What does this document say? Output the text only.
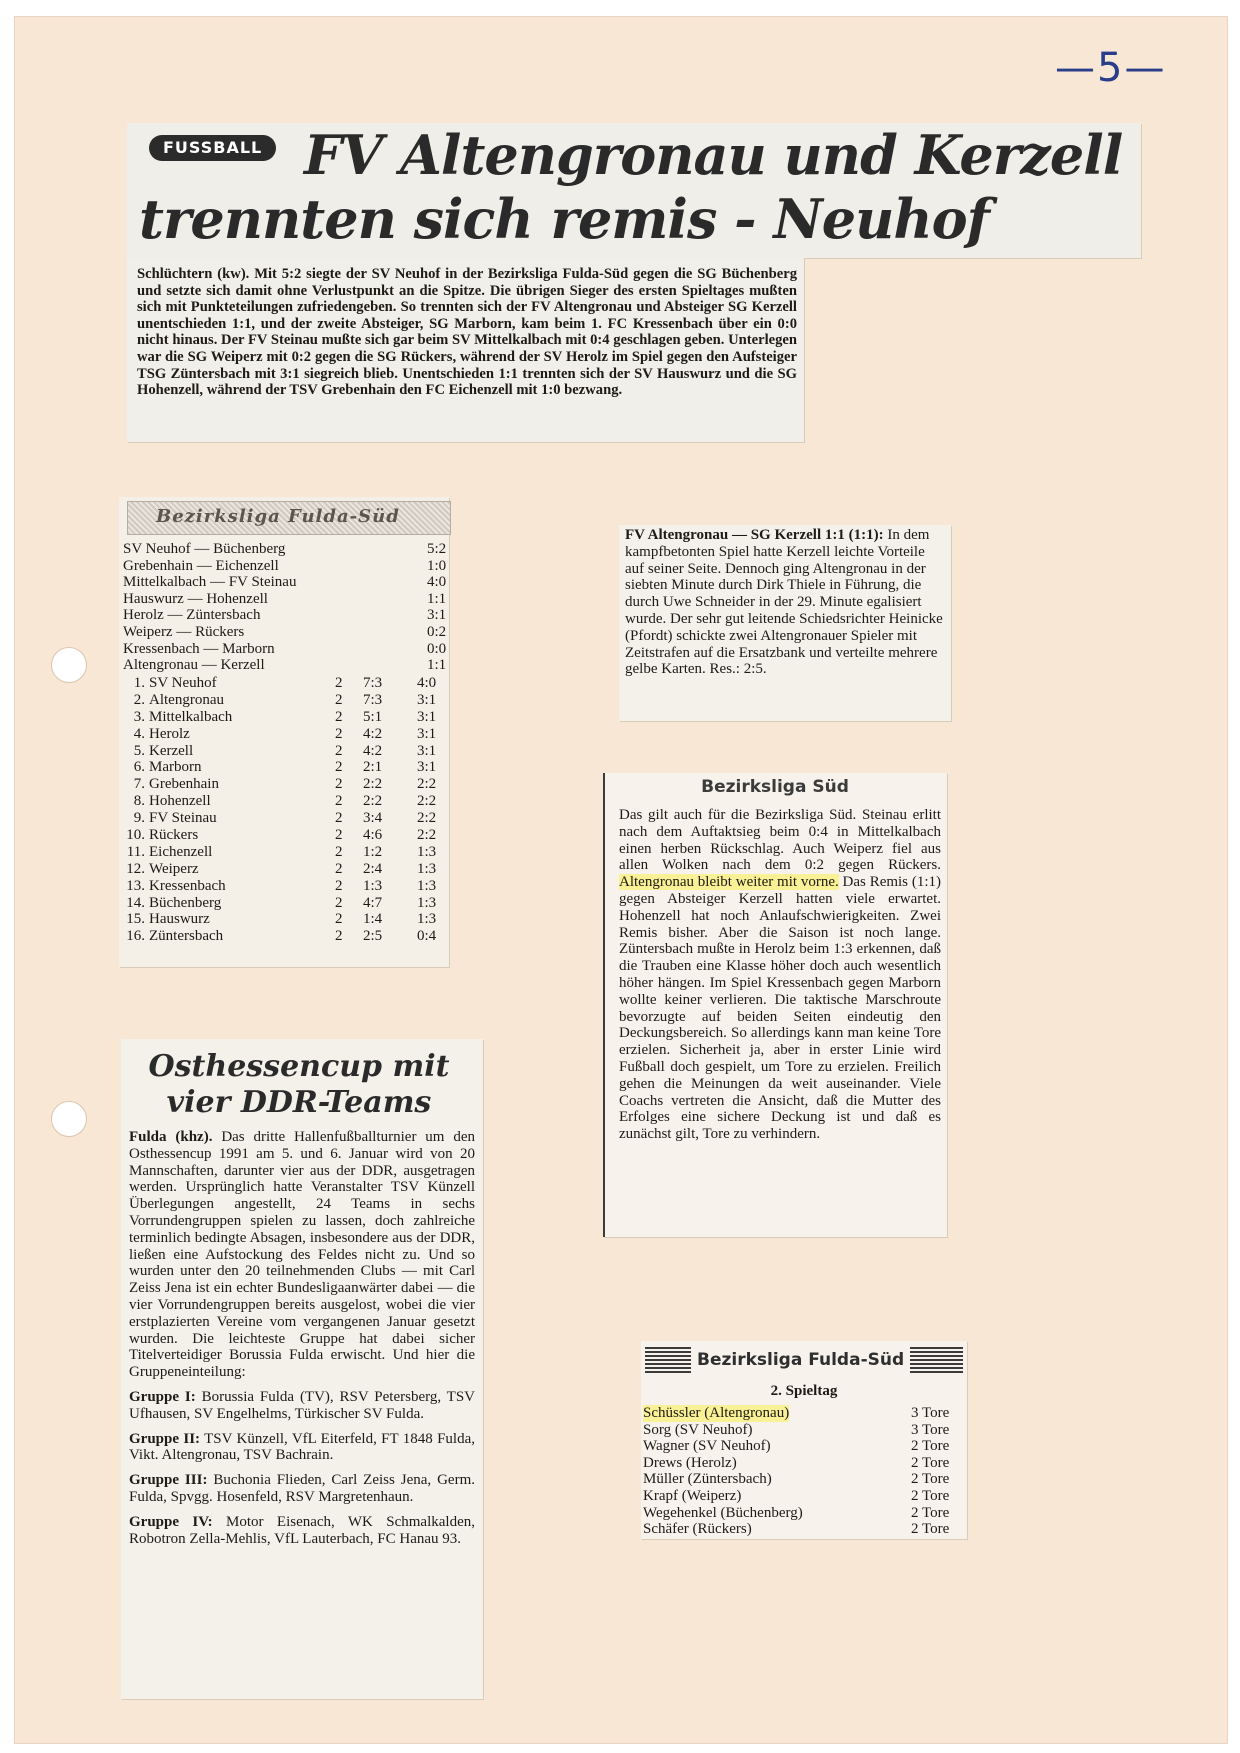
—5—
FV Altengronau und Kerzell
trennten sich remis - Neuhof
FUSSBALL
Schlüchtern (kw). Mit 5:2 siegte der SV Neuhof in der Bezirksliga Fulda-Süd gegen die SG Büchenberg und setzte sich damit ohne Verlustpunkt an die Spitze. Die übrigen Sieger des ersten Spieltages mußten sich mit Punkteteilungen zufriedengeben. So trennten sich der FV Altengronau und Absteiger SG Kerzell unentschieden 1:1, und der zweite Absteiger, SG Marborn, kam beim 1. FC Kressenbach über ein 0:0 nicht hinaus. Der FV Steinau mußte sich gar beim SV Mittelkalbach mit 0:4 geschlagen geben. Unterlegen war die SG Weiperz mit 0:2 gegen die SG Rückers, während der SV Herolz im Spiel gegen den Aufsteiger TSG Züntersbach mit 3:1 siegreich blieb. Unentschieden 1:1 trennten sich der SV Hauswurz und die SG Hohenzell, während der TSV Grebenhain den FC Eichenzell mit 1:0 bezwang.
Bezirksliga Fulda-Süd
SV Neuhof — Büchenberg	5:2
Grebenhain — Eichenzell	1:0
Mittelkalbach — FV Steinau	4:0
Hauswurz — Hohenzell	1:1
Herolz — Züntersbach	3:1
Weiperz — Rückers	0:2
Kressenbach — Marborn	0:0
Altengronau — Kerzell	1:1
1. SV Neuhof	2 7:3 4:0
2. Altengronau	2 7:3 3:1
3. Mittelkalbach	2 5:1 3:1
4. Herolz	2 4:2 3:1
5. Kerzell	2 4:2 3:1
6. Marborn	2 2:1 3:1
7. Grebenhain	2 2:2 2:2
8. Hohenzell	2 2:2 2:2
9. FV Steinau	2 3:4 2:2
10. Rückers	2 4:6 2:2
11. Eichenzell	2 1:2 1:3
12. Weiperz	2 2:4 1:3
13. Kressenbach	2 1:3 1:3
14. Büchenberg	2 4:7 1:3
15. Hauswurz	2 1:4 1:3
16. Züntersbach	2 2:5 0:4
FV Altengronau — SG Kerzell 1:1 (1:1): In dem kampfbetonten Spiel hatte Kerzell leichte Vorteile auf seiner Seite. Dennoch ging Altengronau in der siebten Minute durch Dirk Thiele in Führung, die durch Uwe Schneider in der 29. Minute egalisiert wurde. Der sehr gut leitende Schiedsrichter Heinicke (Pfordt) schickte zwei Altengronauer Spieler mit Zeitstrafen auf die Ersatzbank und verteilte mehrere gelbe Karten. Res.: 2:5.
Bezirksliga Süd
Das gilt auch für die Bezirksliga Süd. Steinau erlitt nach dem Auftaktsieg beim 0:4 in Mittelkalbach einen herben Rückschlag. Auch Weiperz fiel aus allen Wolken nach dem 0:2 gegen Rückers. Altengronau bleibt weiter mit vorne. Das Remis (1:1) gegen Absteiger Kerzell hatten viele erwartet. Hohenzell hat noch Anlaufschwierigkeiten. Zwei Remis bisher. Aber die Saison ist noch lange. Züntersbach mußte in Herolz beim 1:3 erkennen, daß die Trauben eine Klasse höher doch auch wesentlich höher hängen. Im Spiel Kressenbach gegen Marborn wollte keiner verlieren. Die taktische Marschroute bevorzugte auf beiden Seiten eindeutig den Deckungsbereich. So allerdings kann man keine Tore erzielen. Sicherheit ja, aber in erster Linie wird Fußball doch gespielt, um Tore zu erzielen. Freilich gehen die Meinungen da weit auseinander. Viele Coachs vertreten die Ansicht, daß die Mutter des Erfolges eine sichere Deckung ist und daß es zunächst gilt, Tore zu verhindern.
Osthessencup mit
vier DDR-Teams

Fulda (khz). Das dritte Hallenfußballturnier um den Osthessencup 1991 am 5. und 6. Januar wird von 20 Mannschaften, darunter vier aus der DDR, ausgetragen werden. Ursprünglich hatte Veranstalter TSV Künzell Überlegungen angestellt, 24 Teams in sechs Vorrundengruppen spielen zu lassen, doch zahlreiche terminlich bedingte Absagen, insbesondere aus der DDR, ließen eine Aufstockung des Feldes nicht zu. Und so wurden unter den 20 teilnehmenden Clubs — mit Carl Zeiss Jena ist ein echter Bundesligaanwärter dabei — die vier Vorrundengruppen bereits ausgelost, wobei die vier erstplazierten Vereine vom vergangenen Januar gesetzt wurden. Die leichteste Gruppe hat dabei sicher Titelverteidiger Borussia Fulda erwischt. Und hier die Gruppeneinteilung:

Gruppe I: Borussia Fulda (TV), RSV Petersberg, TSV Ufhausen, SV Engelhelms, Türkischer SV Fulda.

Gruppe II: TSV Künzell, VfL Eiterfeld, FT 1848 Fulda, Vikt. Altengronau, TSV Bachrain.

Gruppe III: Buchonia Flieden, Carl Zeiss Jena, Germ. Fulda, Spvgg. Hosenfeld, RSV Margretenhaun.

Gruppe IV: Motor Eisenach, WK Schmalkalden, Robotron Zella-Mehlis, VfL Lauterbach, FC Hanau 93.

Bezirksliga Fulda-Süd
2. Spieltag
Schüssler (Altengronau)	3 Tore
Sorg (SV Neuhof)	3 Tore
Wagner (SV Neuhof)	2 Tore
Drews (Herolz)	2 Tore
Müller (Züntersbach)	2 Tore
Krapf (Weiperz)	2 Tore
Wegehenkel (Büchenberg)	2 Tore
Schäfer (Rückers)	2 Tore
